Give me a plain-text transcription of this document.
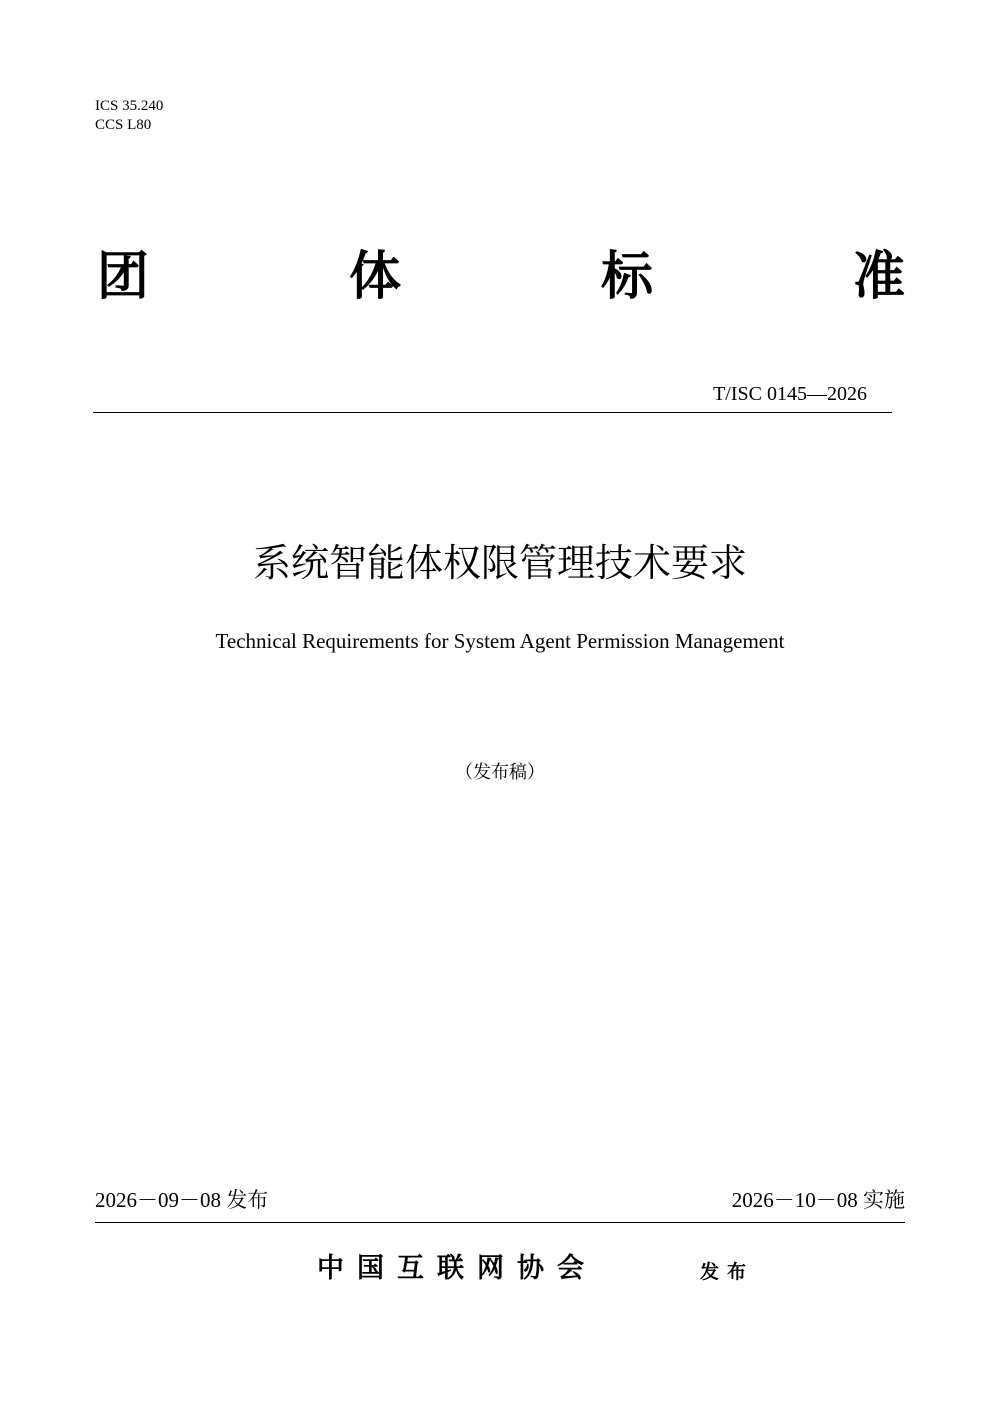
ICS 35.240
CCS L80
团	体	标	准
T/ISC 0145—2026
系统智能体权限管理技术要求
Technical Requirements for System Agent Permission Management
（发布稿）
2026－09－08 发布	2026－10－08 实施
中国互联网协会	发布
